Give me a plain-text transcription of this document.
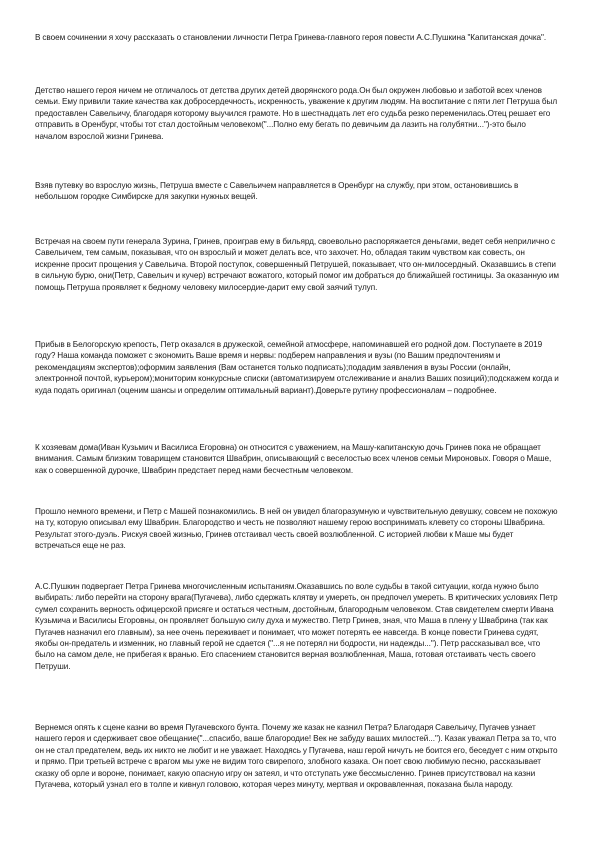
В своем сочинении я хочу рассказать о становлении личности Петра Гринева-главного героя повести А.С.Пушкина "Капитанская дочка".

Детство нашего героя ничем не отличалось от детства других детей дворянского рода.Он был окружен любовью и заботой всех членов семьи. Ему привили такие качества как добросердечность, искренность, уважение к другим людям. На воспитание с пяти лет Петруша был предоставлен Савельичу, благодаря которому выучился грамоте. Но в шестнадцать лет его судьба резко переменилась.Отец решает его отправить в Оренбург, чтобы тот стал достойным человеком("...Полно ему бегать по девичьим да лазить на голубятни...")-это было началом взрослой жизни Гринева.

Взяв путевку во взрослую жизнь, Петруша вместе с Савельичем направляется в Оренбург на службу, при этом, остановившись в небольшом городке Симбирске для закупки нужных вещей.

Встречая на своем пути генерала Зурина, Гринев, проиграв ему в бильярд, своевольно распоряжается деньгами, ведет себя неприлично с Савельичем, тем самым, показывая, что он взрослый и может делать все, что захочет. Но, обладая таким чувством как совесть, он искренне просит прощения у Савельича. Второй поступок, совершенный Петрушей, показывает, что он-милосердный. Оказавшись в степи в сильную бурю, они(Петр, Савельич и кучер) встречают вожатого, который помог им добраться до ближайшей гостиницы. За оказанную им помощь Петруша проявляет к бедному человеку милосердие-дарит ему свой заячий тулуп.

Прибыв в Белогорскую крепость, Петр оказался в дружеской, семейной атмосфере, напоминавшей его родной дом. Поступаете в 2019 году? Наша команда поможет с экономить Ваше время и нервы: подберем направления и вузы (по Вашим предпочтениям и рекомендациям экспертов);оформим заявления (Вам останется только подписать);подадим заявления в вузы России (онлайн, электронной почтой, курьером);мониторим конкурсные списки (автоматизируем отслеживание и анализ Ваших позиций);подскажем когда и куда подать оригинал (оценим шансы и определим оптимальный вариант).Доверьте рутину профессионалам – подробнее.

К хозяевам дома(Иван Кузьмич и Василиса Егоровна) он относится с уважением, на Машу-капитанскую дочь Гринев пока не обращает внимания. Самым близким товарищем становится Швабрин, описывающий с веселостью всех членов семьи Мироновых. Говоря о Маше, как о совершенной дурочке, Швабрин предстает перед нами бесчестным человеком.

Прошло немного времени, и Петр с Машей познакомились. В ней он увидел благоразумную и чувствительную девушку, совсем не похожую на ту, которую описывал ему Швабрин. Благородство и честь не позволяют нашему герою воспринимать клевету со стороны Швабрина. Результат этого-дуэль. Рискуя своей жизнью, Гринев отстаивал честь своей возлюбленной. С историей любви к Маше мы будет встречаться еще не раз.

А.С.Пушкин подвергает Петра Гринева многочисленным испытаниям.Оказавшись по воле судьбы в такой ситуации, когда нужно было выбирать: либо перейти на сторону врага(Пугачева), либо сдержать клятву и умереть, он предпочел умереть. В критических условиях Петр сумел сохранить верность офицерской присяге и остаться честным, достойным, благородным человеком. Став свидетелем смерти Ивана Кузьмича и Василисы Егоровны, он проявляет большую силу духа и мужество. Петр Гринев, зная, что Маша в плену у Швабрина (так как Пугачев назначил его главным), за нее очень переживает и понимает, что может потерять ее навсегда. В конце повести Гринева судят, якобы он-предатель и изменник, но главный герой не сдается ("...я не потерял ни бодрости, ни надежды..."). Петр рассказывал все, что было на самом деле, не прибегая к вранью. Его спасением становится верная возлюбленная, Маша, готовая отстаивать честь своего Петруши.

Вернемся опять к сцене казни во время Пугачевского бунта. Почему же казак не казнил Петра? Благодаря Савельичу, Пугачев узнает нашего героя и сдерживает свое обещание("...спасибо, ваше благородие! Век не забуду ваших милостей..."). Казак уважал Петра за то, что он не стал предателем, ведь их никто не любит и не уважает. Находясь у Пугачева, наш герой ничуть не боится его, беседует с ним открыто и прямо. При третьей встрече с врагом мы уже не видим того свирепого, злобного казака. Он поет свою любимую песню, рассказывает сказку об орле и вороне, понимает, какую опасную игру он затеял, и что отступать уже бессмысленно. Гринев присутствовал на казни Пугачева, который узнал его в толпе и кивнул головою, которая через минуту, мертвая и окровавленная, показана была народу.
